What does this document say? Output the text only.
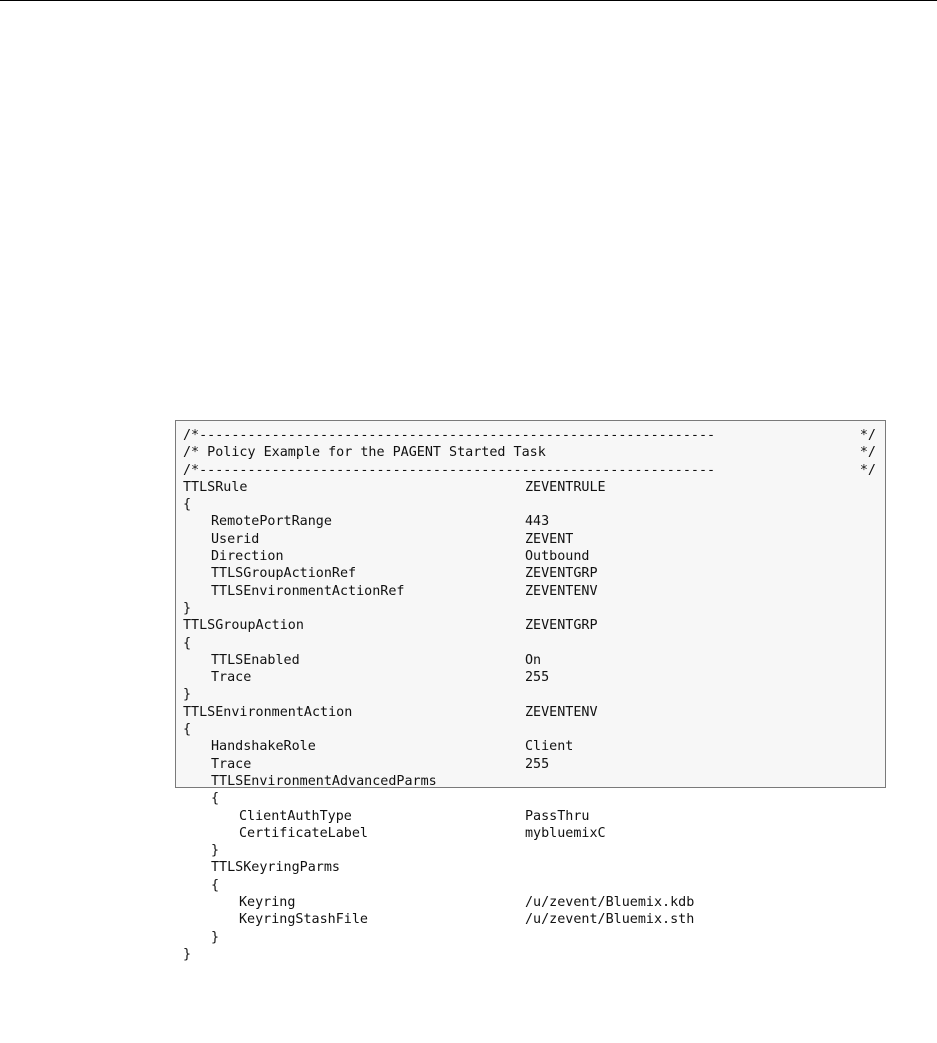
/*----------------------------------------------------------------	*/
/* Policy Example for the PAGENT Started Task	*/
/*----------------------------------------------------------------	*/
TTLSRule	ZEVENTRULE
{
RemotePortRange	443
Userid	ZEVENT
Direction	Outbound
TTLSGroupActionRef	ZEVENTGRP
TTLSEnvironmentActionRef	ZEVENTENV
}
TTLSGroupAction	ZEVENTGRP
{
TTLSEnabled	On
Trace	255
}
TTLSEnvironmentAction	ZEVENTENV
{
HandshakeRole	Client
Trace	255
TTLSEnvironmentAdvancedParms
{
ClientAuthType	PassThru
CertificateLabel	mybluemixC
}
TTLSKeyringParms
{
Keyring	/u/zevent/Bluemix.kdb
KeyringStashFile	/u/zevent/Bluemix.sth
}
}
